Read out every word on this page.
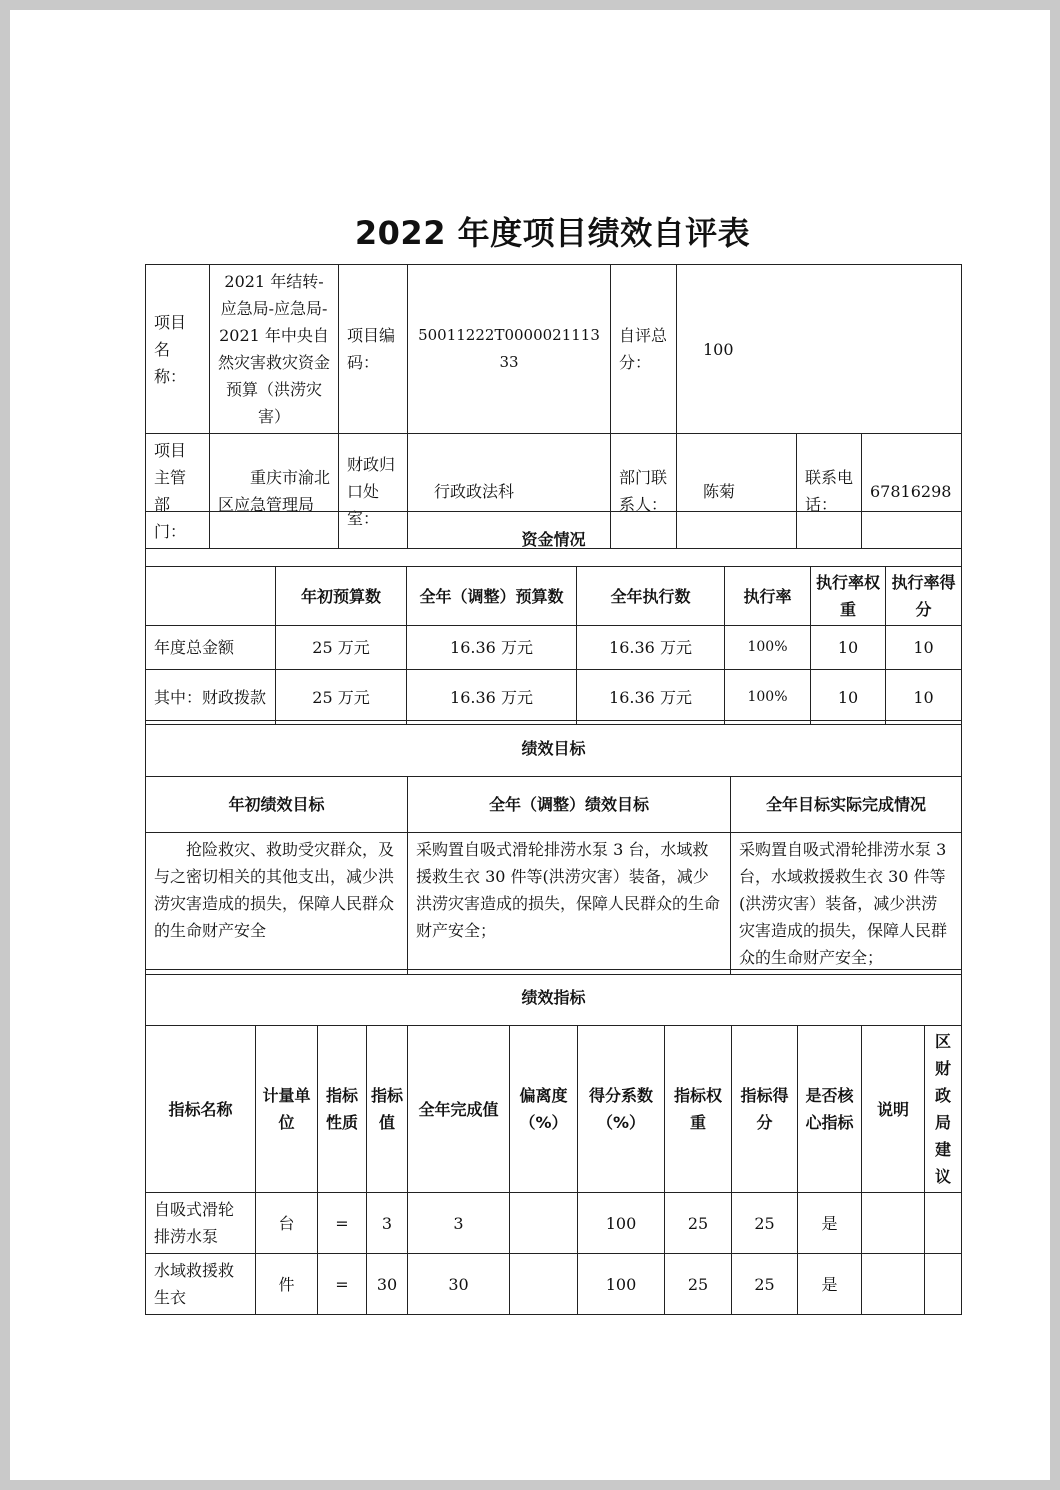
2022 年度项目绩效自评表
项目名称：	2021 年结转-应急局-应急局-2021 年中央自然灾害救灾资金预算（洪涝灾害）	项目编码：	50011222T000002111333	自评总分：	100		
项目主管部门：	重庆市渝北区应急管理局	财政归口处室：	行政政法科	部门联系人：	陈菊	联系电话：	67816298
资金情况						
	年初预算数	全年（调整）预算数	全年执行数	执行率	执行率权重	执行率得分
年度总金额	25 万元	16.36 万元	16.36 万元	100%	10	10
其中：财政拨款	25 万元	16.36 万元	16.36 万元	100%	10	10
绩效目标		
年初绩效目标	全年（调整）绩效目标	全年目标实际完成情况
抢险救灾、救助受灾群众，及与之密切相关的其他支出，减少洪涝灾害造成的损失，保障人民群众的生命财产安全	采购置自吸式滑轮排涝水泵 3 台，水域救援救生衣 30 件等(洪涝灾害）装备，减少洪涝灾害造成的损失，保障人民群众的生命财产安全；	采购置自吸式滑轮排涝水泵 3 台，水域救援救生衣 30 件等(洪涝灾害）装备，减少洪涝灾害造成的损失，保障人民群众的生命财产安全；
绩效指标											
指标名称	计量单位	指标性质	指标值	全年完成值	偏离度（%）	得分系数（%）	指标权重	指标得分	是否核心指标	说明	区财政局建议
自吸式滑轮排涝水泵	台	=	3	3		100	25	25	是		
水域救援救生衣	件	=	30	30		100	25	25	是		
